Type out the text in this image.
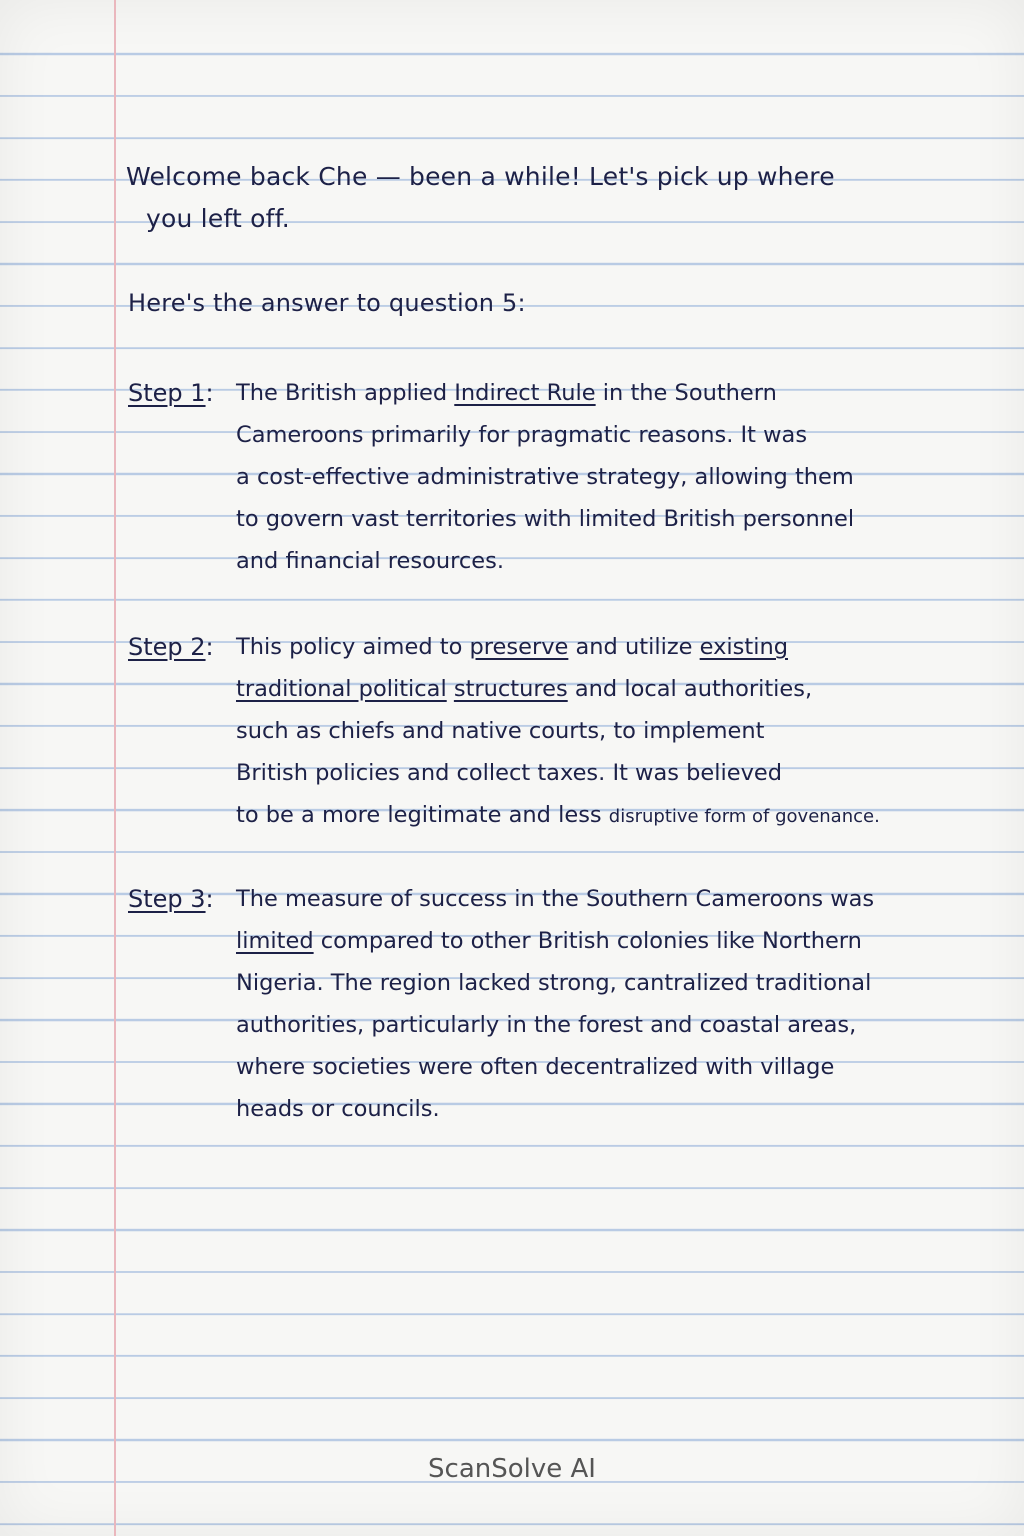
Welcome back Che — been a while! Let's pick up where
you left off.
Here's the answer to question 5:
Step 1: The British applied Indirect Rule in the Southern
Cameroons primarily for pragmatic reasons. It was
a cost-effective administrative strategy, allowing them
to govern vast territories with limited British personnel
and financial resources.
Step 2: This policy aimed to preserve and utilize existing
traditional political structures and local authorities,
such as chiefs and native courts, to implement
British policies and collect taxes. It was believed
to be a more legitimate and less disruptive form of govenance.
Step 3: The measure of success in the Southern Cameroons was
limited compared to other British colonies like Northern
Nigeria. The region lacked strong, cantralized traditional
authorities, particularly in the forest and coastal areas,
where societies were often decentralized with village
heads or councils.
ScanSolve AI
